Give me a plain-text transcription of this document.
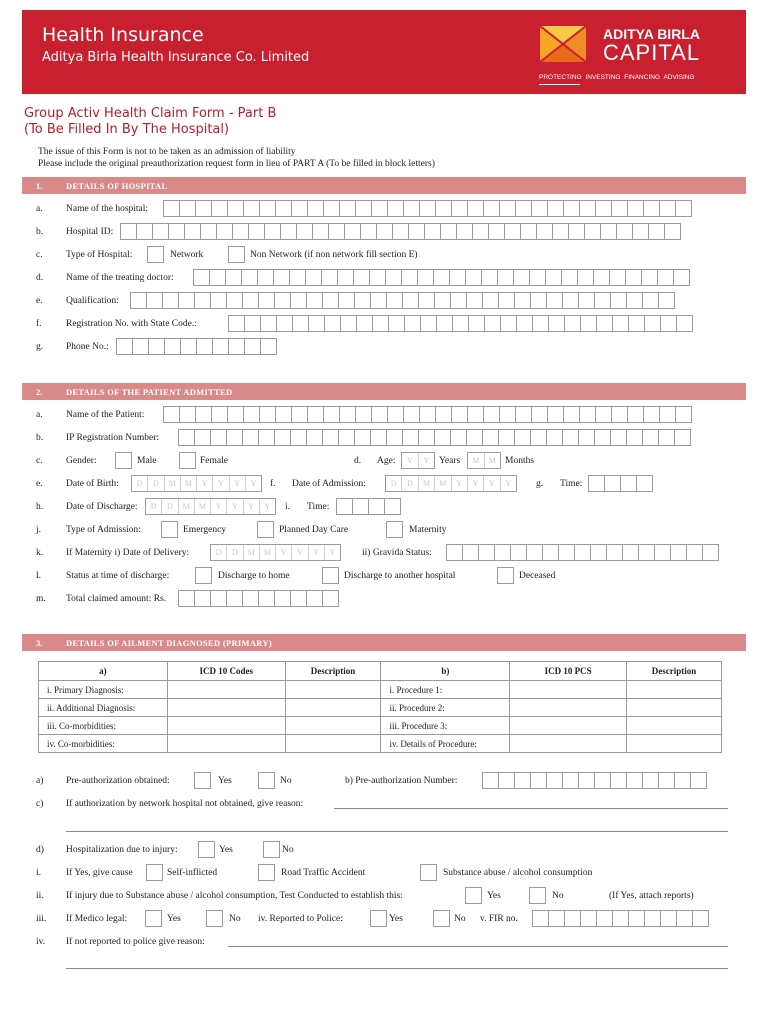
Health Insurance
Aditya Birla Health Insurance Co. Limited
ADITYA BIRLA
CAPITAL
PROTECTING INVESTING FINANCING ADVISING
Group Activ Health Claim Form - Part B
(To Be Filled In By The Hospital)
The issue of this Form is not to be taken as an admission of liability
Please include the original preauthorization request form in lieu of PART A (To be filled in block letters)
1.	DETAILS OF HOSPITAL
a. Name of the hospital:
b. Hospital ID:
c. Type of Hospital:	Network	Non Network (if non network fill section E)
d. Name of the treating doctor:
e. Qualification:
f.	Registration No. with State Code.:
g. Phone No.:
2.	DETAILS OF THE PATIENT ADMITTED
a. Name of the Patient:
b. IP Registration Number:
c. Gender:	Male	Female	d. Age:	Y	Y	Years	M	M Months
e. Date of Birth:	D	D	M	M	Y	Y	Y	Y	f. Date of Admission:	D	D	M	M	Y	Y	Y	Y	g. Time:
h. Date of Discharge:	D	D	M	M	Y	Y	Y	Y	i. Time:
j.	Type of Admission:	Emergency	Planned Day Care	Maternity
k. If Maternity i) Date of Delivery:	D	D	M	M	Y	Y	Y	Y	ii) Gravida Status:
l.	Status at time of discharge:	Discharge to home	Discharge to another hospital	Deceased
m. Total claimed amount: Rs.
3.	DETAILS OF AILMENT DIAGNOSED (PRIMARY)
a)	ICD 10 Codes	Description	b)	ICD 10 PCS	Description
i. Primary Diagnosis:			i. Procedure 1:		
ii. Additional Diagnosis:			ii. Procedure 2:		
iii. Co-morbidities:			iii. Procedure 3:		
iv. Co-morbidities:			iv. Details of Procedure:		
a) Pre-authorization obtained:	Yes	No	b) Pre-authorization Number:
c) If authorization by network hospital not obtained, give reason:
d) Hospitalization due to injury:	Yes	No
i.	If Yes, give cause	Self-inflicted	Road Traffic Accident	Substance abuse / alcohol consumption
ii. If injury due to Substance abuse / alcohol consumption, Test Conducted to establish this:	Yes	No	(If Yes, attach reports)
iii. If Medico legal:	Yes	No iv. Reported to Police:	Yes	No v. FIR no.
iv. If not reported to police give reason:
